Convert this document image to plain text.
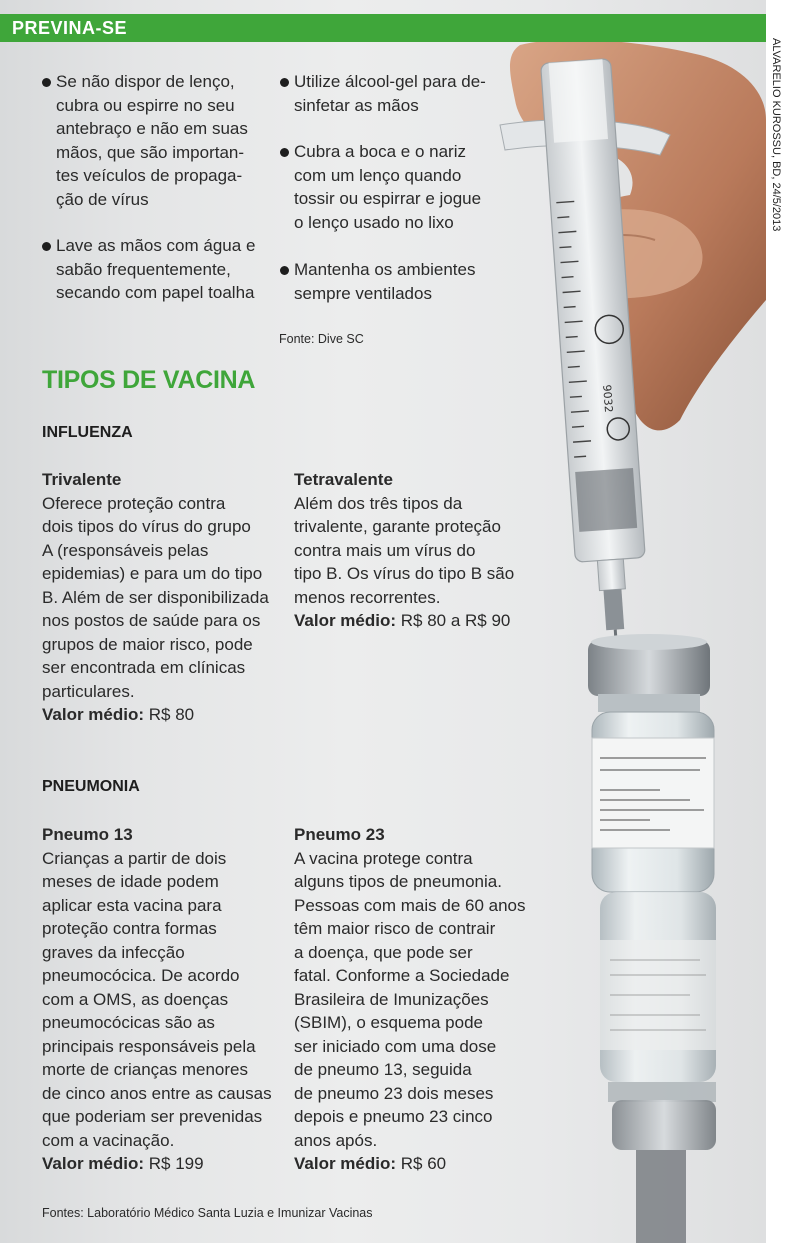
9032
PREVINA-SE
Se não dispor de lenço,
cubra ou espirre no seu
antebraço e não em suas
mãos, que são importan-
tes veículos de propaga-
ção de vírus
Lave as mãos com água e
sabão frequentemente,
secando com papel toalha
Utilize álcool-gel para de-
sinfetar as mãos
Cubra a boca e o nariz
com um lenço quando
tossir ou espirrar e jogue
o lenço usado no lixo
Mantenha os ambientes
sempre ventilados
Fonte: Dive SC
TIPOS DE VACINA
INFLUENZA
Trivalente
Oferece proteção contra
dois tipos do vírus do grupo
A (responsáveis pelas
epidemias) e para um do tipo
B. Além de ser disponibilizada
nos postos de saúde para os
grupos de maior risco, pode
ser encontrada em clínicas
particulares.
Valor médio: R$ 80
Tetravalente
Além dos três tipos da
trivalente, garante proteção
contra mais um vírus do
tipo B. Os vírus do tipo B são
menos recorrentes.
Valor médio: R$ 80 a R$ 90
PNEUMONIA
Pneumo 13
Crianças a partir de dois
meses de idade podem
aplicar esta vacina para
proteção contra formas
graves da infecção
pneumocócica. De acordo
com a OMS, as doenças
pneumocócicas são as
principais responsáveis pela
morte de crianças menores
de cinco anos entre as causas
que poderiam ser prevenidas
com a vacinação.
Valor médio: R$ 199
Pneumo 23
A vacina protege contra
alguns tipos de pneumonia.
Pessoas com mais de 60 anos
têm maior risco de contrair
a doença, que pode ser
fatal. Conforme a Sociedade
Brasileira de Imunizações
(SBIM), o esquema pode
ser iniciado com uma dose
de pneumo 13, seguida
de pneumo 23 dois meses
depois e pneumo 23 cinco
anos após.
Valor médio: R$ 60
Fontes: Laboratório Médico Santa Luzia e Imunizar Vacinas
ALVARELIO KUROSSU, BD, 24/5/2013
